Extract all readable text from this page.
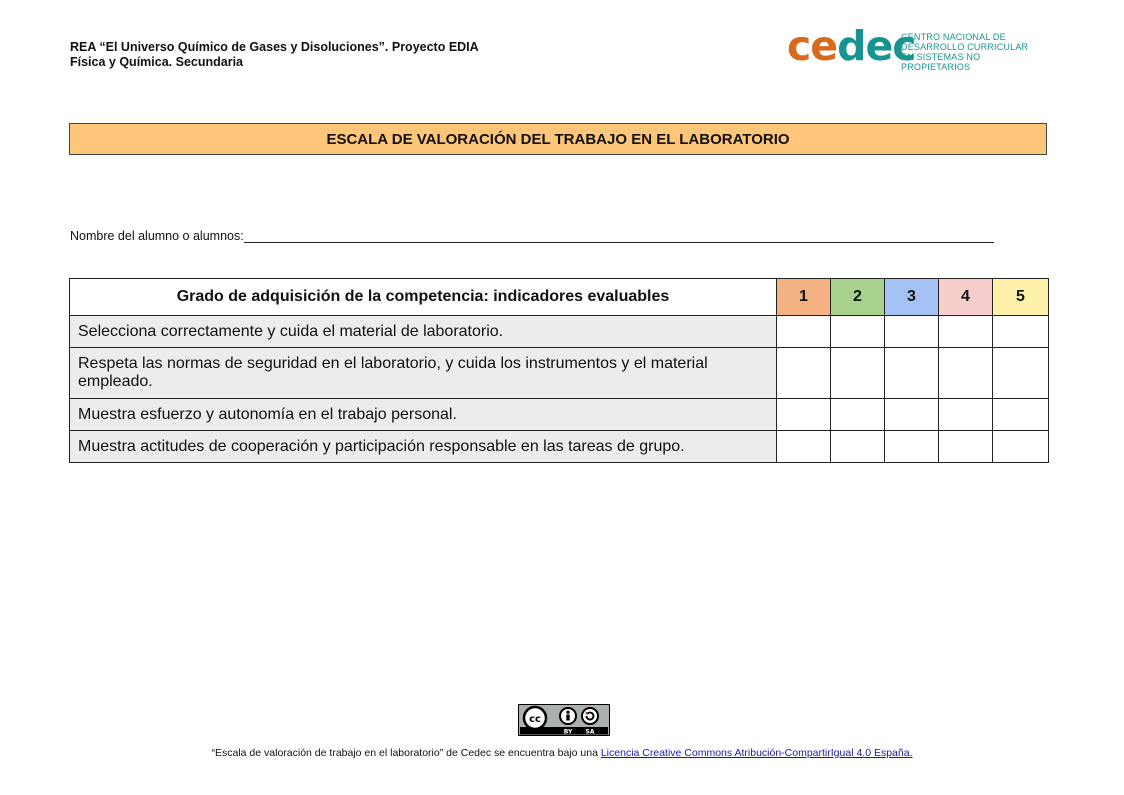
REA “El Universo Químico de Gases y Disoluciones”. Proyecto EDIA
Física y Química. Secundaria	cedec
CENTRO NACIONAL DE
DESARROLLO CURRICULAR
EN SISTEMAS NO PROPIETARIOS
ESCALA DE VALORACIÓN DEL TRABAJO EN EL LABORATORIO
Nombre del alumno o alumnos:
Grado de adquisición de la competencia: indicadores evaluables	1	2	3	4	5
Selecciona correctamente y cuida el material de laboratorio.					
Respeta las normas de seguridad en el laboratorio, y cuida los instrumentos y el material empleado.					
Muestra esfuerzo y autonomía en el trabajo personal.					
Muestra actitudes de cooperación y participación responsable en las tareas de grupo.					
cc
BY SA
“Escala de valoración de trabajo en el laboratorio” de Cedec se encuentra bajo una Licencia Creative Commons Atribución-CompartirIgual 4.0 España.
